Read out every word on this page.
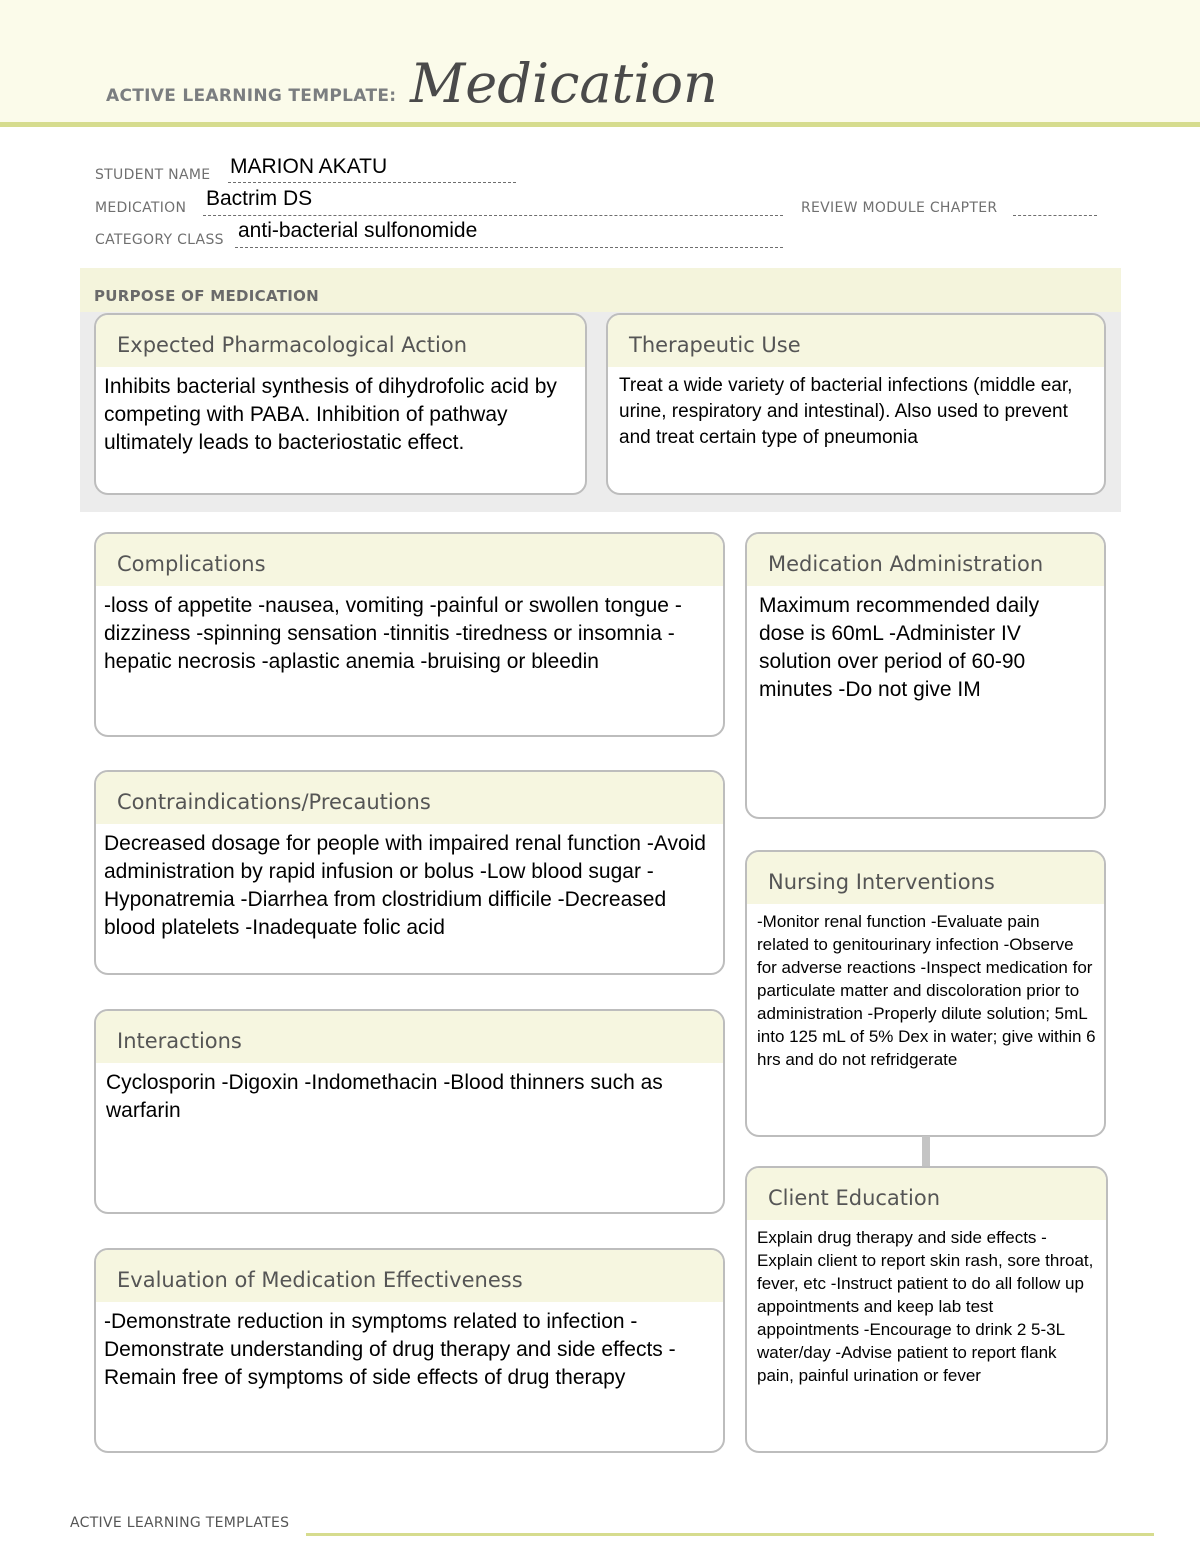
ACTIVE LEARNING TEMPLATE: Medication
STUDENT NAME MARION AKATU
MEDICATION Bactrim DS	REVIEW MODULE CHAPTER
CATEGORY CLASS anti-bacterial sulfonomide
PURPOSE OF MEDICATION
Expected Pharmacological Action
Inhibits bacterial synthesis of dihydrofolic acid by competing with PABA. Inhibition of pathway ultimately leads to bacteriostatic effect.
Therapeutic Use
Treat a wide variety of bacterial infections (middle ear, urine, respiratory and intestinal). Also used to prevent and treat certain type of pneumonia
Complications
-loss of appetite -nausea, vomiting -painful or swollen tongue -dizziness -spinning sensation -tinnitis -tiredness or insomnia -hepatic necrosis -aplastic anemia -bruising or bleedin
Contraindications/Precautions
Decreased dosage for people with impaired renal function -Avoid administration by rapid infusion or bolus -Low blood sugar -Hyponatremia -Diarrhea from clostridium difficile -Decreased blood platelets -Inadequate folic acid
Interactions
Cyclosporin -Digoxin -Indomethacin -Blood thinners such as warfarin
Evaluation of Medication Effectiveness
-Demonstrate reduction in symptoms related to infection -Demonstrate understanding of drug therapy and side effects -Remain free of symptoms of side effects of drug therapy
Medication Administration
Maximum recommended daily dose is 60mL -Administer IV solution over period of 60-90 minutes -Do not give IM
Nursing Interventions
-Monitor renal function -Evaluate pain related to genitourinary infection -Observe for adverse reactions -Inspect medication for particulate matter and discoloration prior to administration -Properly dilute solution; 5mL into 125 mL of 5% Dex in water; give within 6 hrs and do not refridgerate
Client Education
Explain drug therapy and side effects -Explain client to report skin rash, sore throat, fever, etc -Instruct patient to do all follow up appointments and keep lab test appointments -Encourage to drink 2 5-3L water/day -Advise patient to report flank pain, painful urination or fever
ACTIVE LEARNING TEMPLATES
